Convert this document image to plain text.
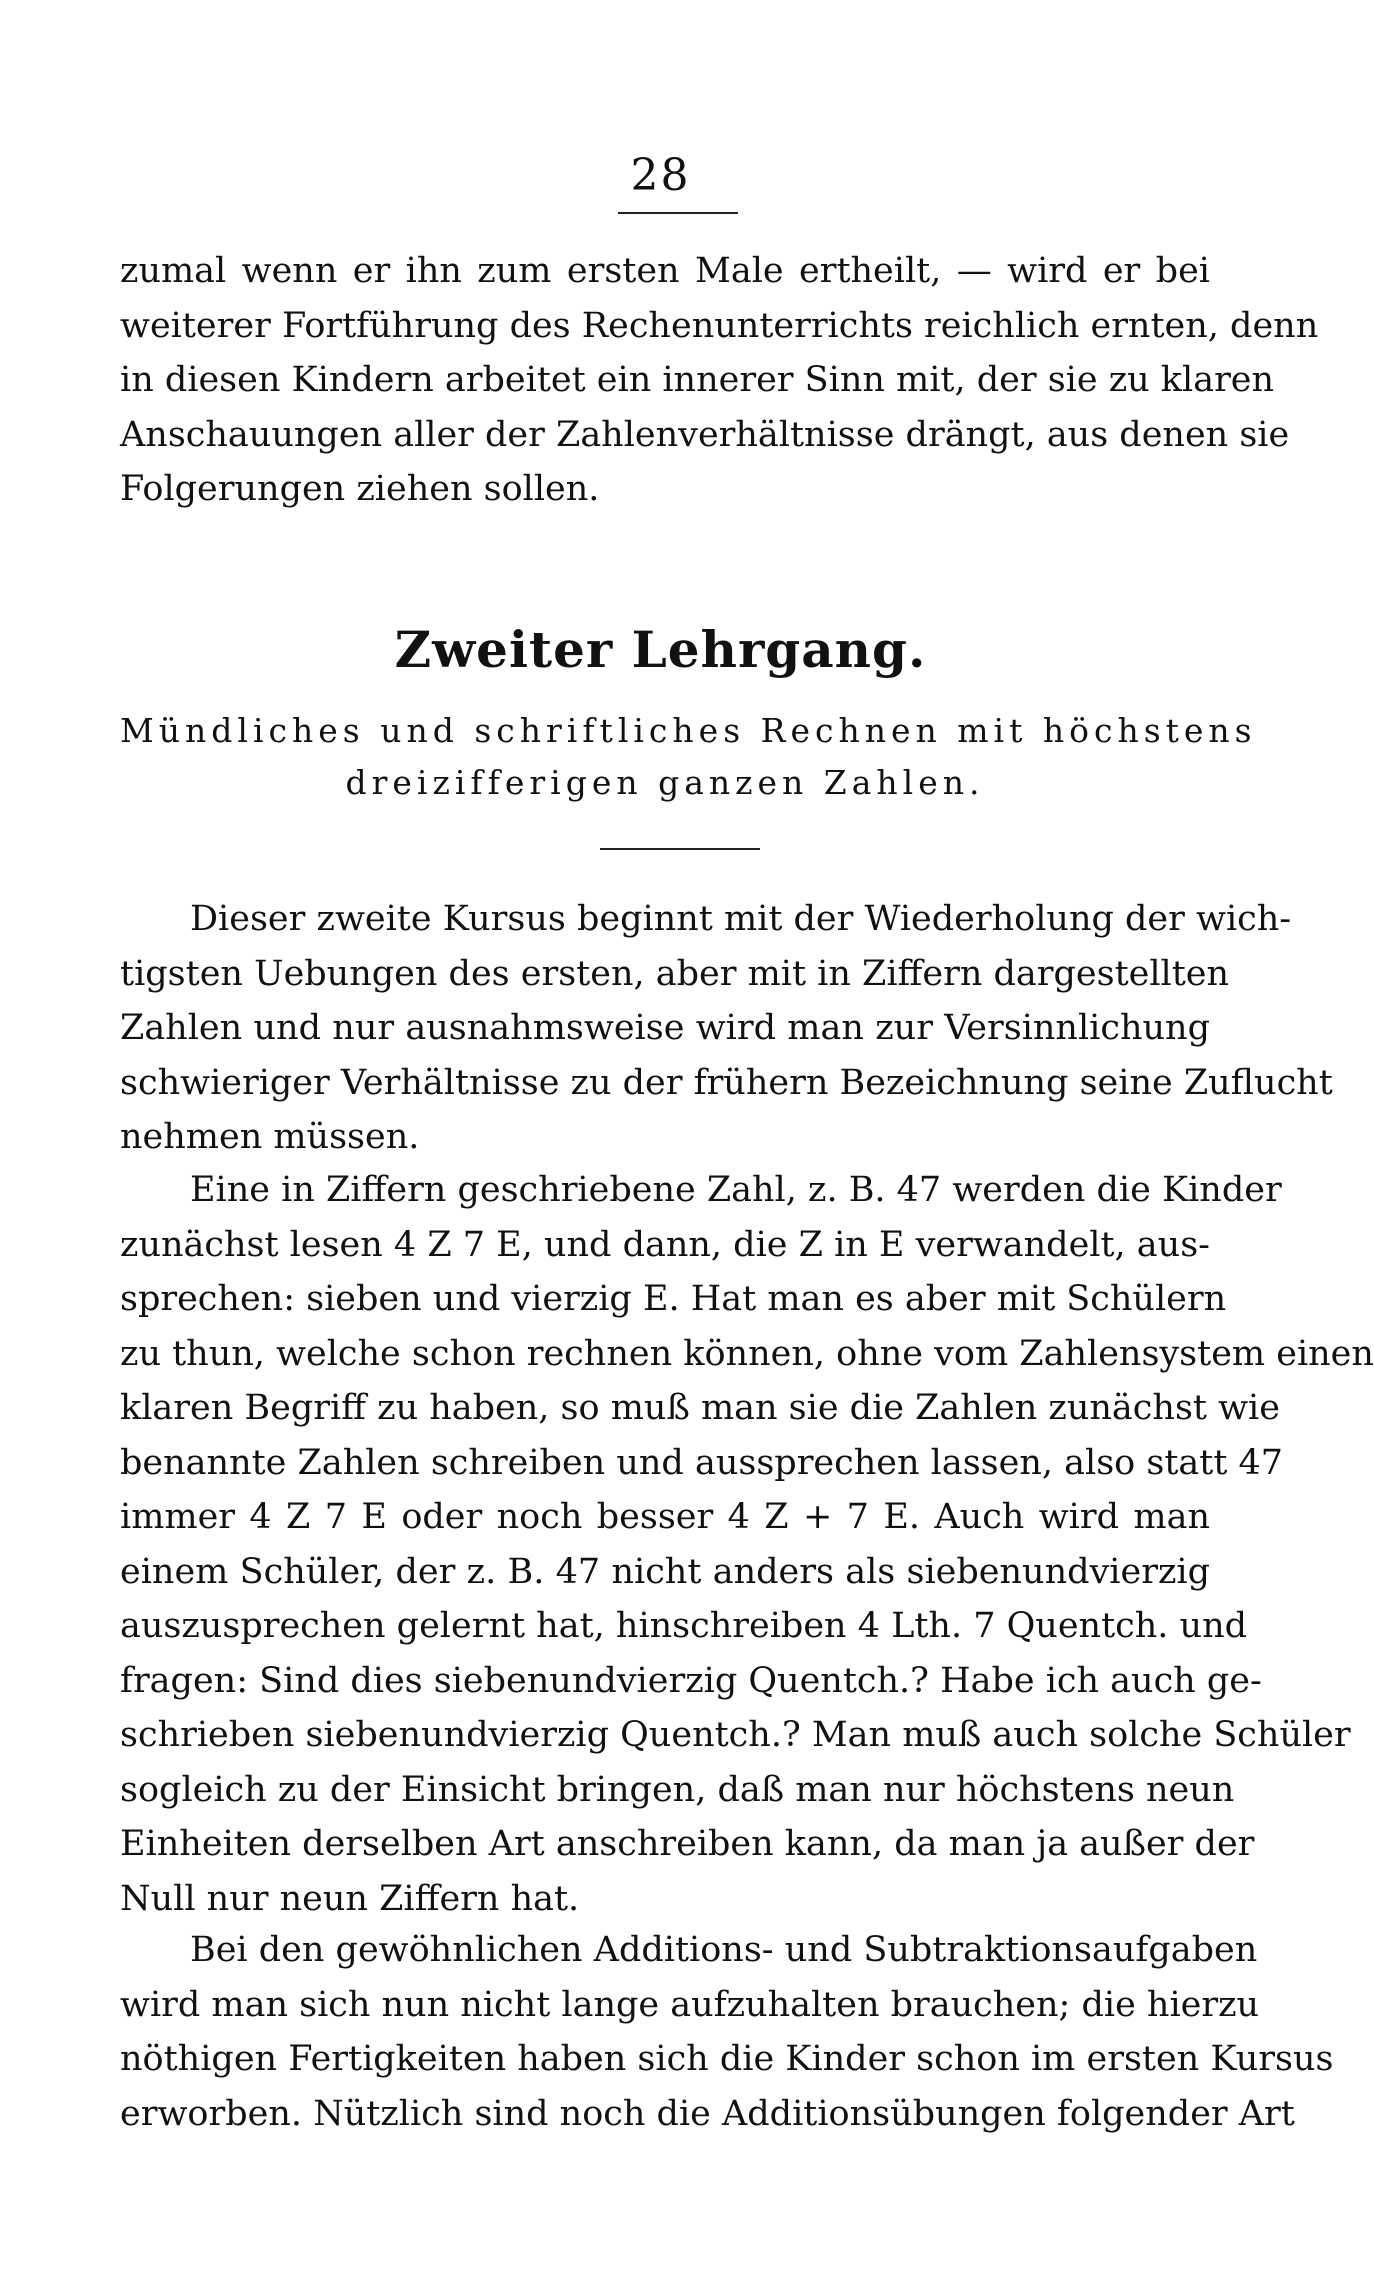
28
zumal wenn er ihn zum ersten Male ertheilt, — wird er bei
weiterer Fortführung des Rechenunterrichts reichlich ernten, denn
in diesen Kindern arbeitet ein innerer Sinn mit, der sie zu klaren
Anschauungen aller der Zahlenverhältnisse drängt, aus denen sie
Folgerungen ziehen sollen.
Zweiter Lehrgang.
Mündliches und schriftliches Rechnen mit höchstens
dreizifferigen ganzen Zahlen.
Dieser zweite Kursus beginnt mit der Wiederholung der wich-
tigsten Uebungen des ersten, aber mit in Ziffern dargestellten
Zahlen und nur ausnahmsweise wird man zur Versinnlichung
schwieriger Verhältnisse zu der frühern Bezeichnung seine Zuflucht
nehmen müssen.
Eine in Ziffern geschriebene Zahl, z. B. 47 werden die Kinder
zunächst lesen 4 Z 7 E, und dann, die Z in E verwandelt, aus-
sprechen: sieben und vierzig E. Hat man es aber mit Schülern
zu thun, welche schon rechnen können, ohne vom Zahlensystem einen
klaren Begriff zu haben, so muß man sie die Zahlen zunächst wie
benannte Zahlen schreiben und aussprechen lassen, also statt 47
immer 4 Z 7 E oder noch besser 4 Z + 7 E. Auch wird man
einem Schüler, der z. B. 47 nicht anders als siebenundvierzig
auszusprechen gelernt hat, hinschreiben 4 Lth. 7 Quentch. und
fragen: Sind dies siebenundvierzig Quentch.? Habe ich auch ge-
schrieben siebenundvierzig Quentch.? Man muß auch solche Schüler
sogleich zu der Einsicht bringen, daß man nur höchstens neun
Einheiten derselben Art anschreiben kann, da man ja außer der
Null nur neun Ziffern hat.
Bei den gewöhnlichen Additions- und Subtraktionsaufgaben
wird man sich nun nicht lange aufzuhalten brauchen; die hierzu
nöthigen Fertigkeiten haben sich die Kinder schon im ersten Kursus
erworben. Nützlich sind noch die Additionsübungen folgender Art
